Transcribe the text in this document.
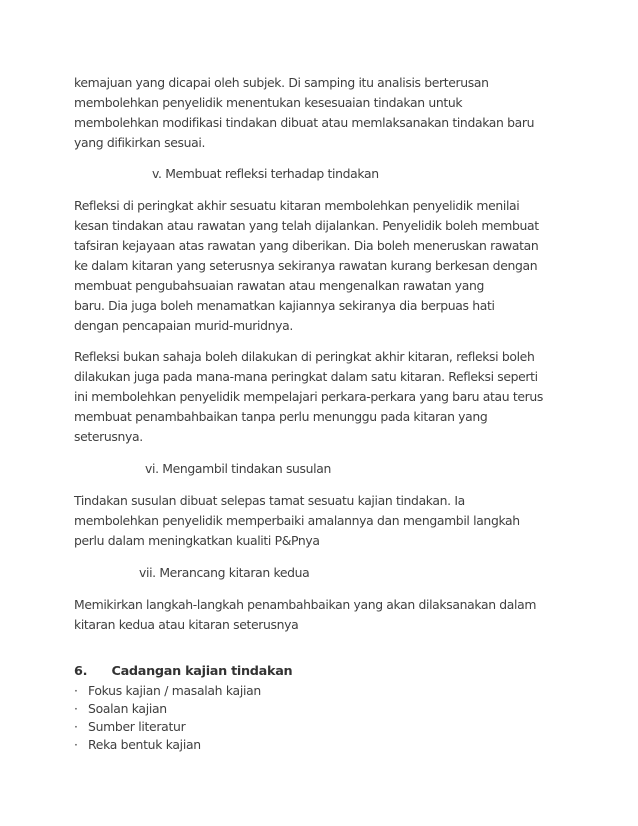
kemajuan yang dicapai oleh subjek. Di samping itu analisis berterusan
membolehkan penyelidik menentukan kesesuaian tindakan untuk
membolehkan modifikasi tindakan dibuat atau memlaksanakan tindakan baru
yang difikirkan sesuai.
v. Membuat refleksi terhadap tindakan
Refleksi di peringkat akhir sesuatu kitaran membolehkan penyelidik menilai
kesan tindakan atau rawatan yang telah dijalankan. Penyelidik boleh membuat
tafsiran kejayaan atas rawatan yang diberikan. Dia boleh meneruskan rawatan
ke dalam kitaran yang seterusnya sekiranya rawatan kurang berkesan dengan
membuat pengubahsuaian rawatan atau mengenalkan rawatan yang
baru. Dia juga boleh menamatkan kajiannya sekiranya dia berpuas hati
dengan pencapaian murid-muridnya.
Refleksi bukan sahaja boleh dilakukan di peringkat akhir kitaran, refleksi boleh
dilakukan juga pada mana-mana peringkat dalam satu kitaran. Refleksi seperti
ini membolehkan penyelidik mempelajari perkara-perkara yang baru atau terus
membuat penambahbaikan tanpa perlu menunggu pada kitaran yang
seterusnya.
vi. Mengambil tindakan susulan
Tindakan susulan dibuat selepas tamat sesuatu kajian tindakan. Ia
membolehkan penyelidik memperbaiki amalannya dan mengambil langkah
perlu dalam meningkatkan kualiti P&Pnya
vii. Merancang kitaran kedua
Memikirkan langkah-langkah penambahbaikan yang akan dilaksanakan dalam
kitaran kedua atau kitaran seterusnya
6. Cadangan kajian tindakan
· Fokus kajian / masalah kajian
· Soalan kajian
· Sumber literatur
· Reka bentuk kajian
